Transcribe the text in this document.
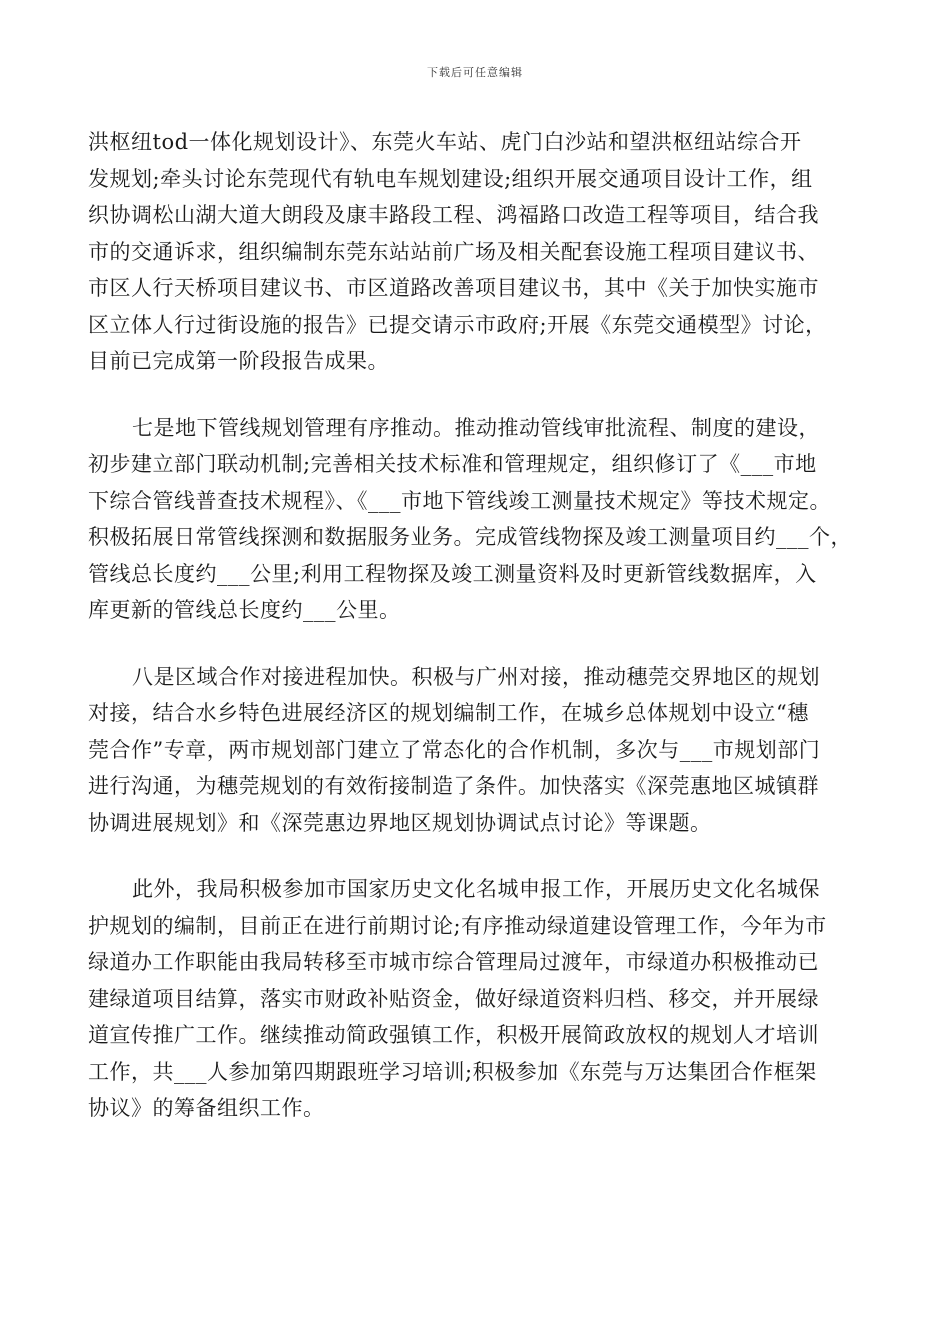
下载后可任意编辑
洪枢纽tod一体化规划设计》、东莞火车站、虎门白沙站和望洪枢纽站综合开
发规划;牵头讨论东莞现代有轨电车规划建设;组织开展交通项目设计工作，组
织协调松山湖大道大朗段及康丰路段工程、鸿福路口改造工程等项目，结合我
市的交通诉求，组织编制东莞东站站前广场及相关配套设施工程项目建议书、
市区人行天桥项目建议书、市区道路改善项目建议书，其中《关于加快实施市
区立体人行过街设施的报告》已提交请示市政府;开展《东莞交通模型》讨论，
目前已完成第一阶段报告成果。
七是地下管线规划管理有序推动。推动推动管线审批流程、制度的建设，
初步建立部门联动机制;完善相关技术标准和管理规定，组织修订了《___市地
下综合管线普查技术规程》、《___市地下管线竣工测量技术规定》等技术规定。
积极拓展日常管线探测和数据服务业务。完成管线物探及竣工测量项目约___个，
管线总长度约___公里;利用工程物探及竣工测量资料及时更新管线数据库，入
库更新的管线总长度约___公里。
八是区域合作对接进程加快。积极与广州对接，推动穗莞交界地区的规划
对接，结合水乡特色进展经济区的规划编制工作，在城乡总体规划中设立“穗
莞合作”专章，两市规划部门建立了常态化的合作机制，多次与___市规划部门
进行沟通，为穗莞规划的有效衔接制造了条件。加快落实《深莞惠地区城镇群
协调进展规划》和《深莞惠边界地区规划协调试点讨论》等课题。
此外，我局积极参加市国家历史文化名城申报工作，开展历史文化名城保
护规划的编制，目前正在进行前期讨论;有序推动绿道建设管理工作，今年为市
绿道办工作职能由我局转移至市城市综合管理局过渡年，市绿道办积极推动已
建绿道项目结算，落实市财政补贴资金，做好绿道资料归档、移交，并开展绿
道宣传推广工作。继续推动简政强镇工作，积极开展简政放权的规划人才培训
工作，共___人参加第四期跟班学习培训;积极参加《东莞与万达集团合作框架
协议》的筹备组织工作。
